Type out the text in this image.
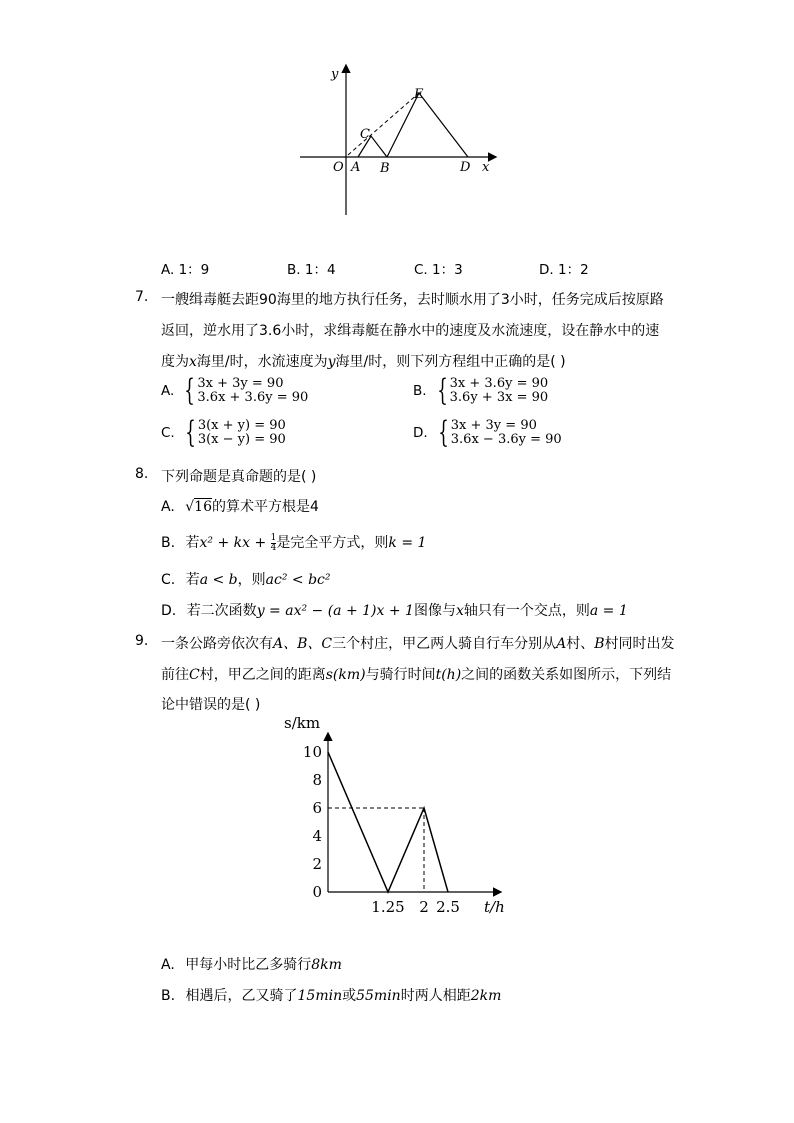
y
x
O A B
C
D
E
A. 1：9	B. 1：4	C. 1：3	D. 1：2
7. 一艘缉毒艇去距90海里的地方执行任务，去时顺水用了3小时，任务完成后按原路
返回，逆水用了3.6小时，求缉毒艇在静水中的速度及水流速度，设在静水中的速
度为x海里/时，水流速度为y海里/时，则下列方程组中正确的是( )
A. { 3x + 3y = 90
3.6x + 3.6y = 90	B. { 3x + 3.6y = 90
3.6y + 3x = 90
C. { 3(x + y) = 90
3(x − y) = 90	D. { 3x + 3y = 90
3.6x − 3.6y = 90
8. 下列命题是真命题的是( )
A. √16的算术平方根是4
B. 若x² + kx + $\frac{1}{4}$ 是完全平方式，则k = 1
C. 若a < b，则ac² < bc²
D. 若二次函数y = ax² − (a + 1)x + 1图像与x轴只有一个交点，则a = 1
9. 一条公路旁依次有A、B、C三个村庄，甲乙两人骑自行车分别从A村、B村同时出发
前往C村，甲乙之间的距离s(km)与骑行时间t(h)之间的函数关系如图所示，下列结
论中错误的是( )
0
2
4
6
8
10
1.25 2 2.5
s/km
t/h
A. 甲每小时比乙多骑行8km
B. 相遇后，乙又骑了15min或55min时两人相距2km
